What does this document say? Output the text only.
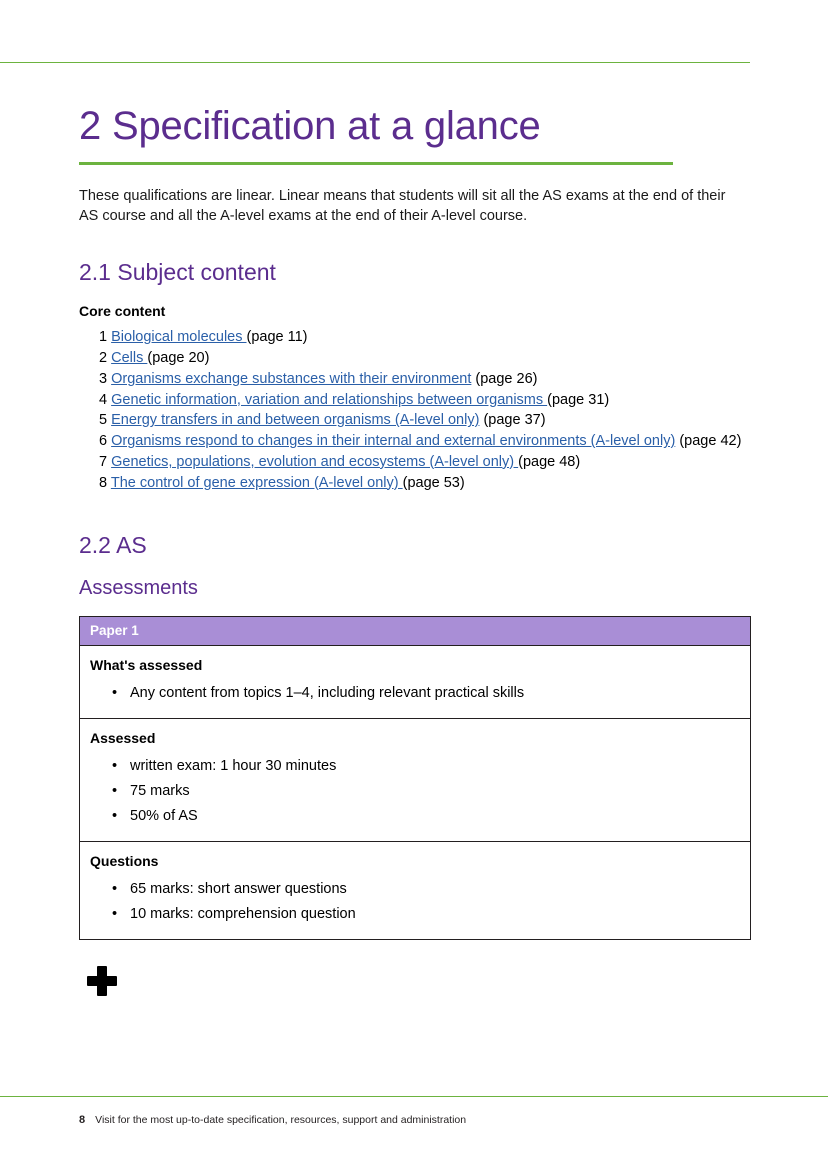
2 Specification at a glance

These qualifications are linear. Linear means that students will sit all the AS exams at the end of their AS course and all the A-level exams at the end of their A-level course.

2.1 Subject content
Core content
1 Biological molecules (page 11)
2 Cells (page 20)
3 Organisms exchange substances with their environment (page 26)
4 Genetic information, variation and relationships between organisms (page 31)
5 Energy transfers in and between organisms (A-level only) (page 37)
6 Organisms respond to changes in their internal and external environments (A-level only) (page 42)
7 Genetics, populations, evolution and ecosystems (A-level only) (page 48)
8 The control of gene expression (A-level only) (page 53)
2.2 AS
Assessments
Paper 1

What's assessed
• Any content from topics 1–4, including relevant practical skills

Assessed
• written exam: 1 hour 30 minutes
• 75 marks
• 50% of AS

Questions
• 65 marks: short answer questions
• 10 marks: comprehension question
8 Visit for the most up-to-date specification, resources, support and administration
